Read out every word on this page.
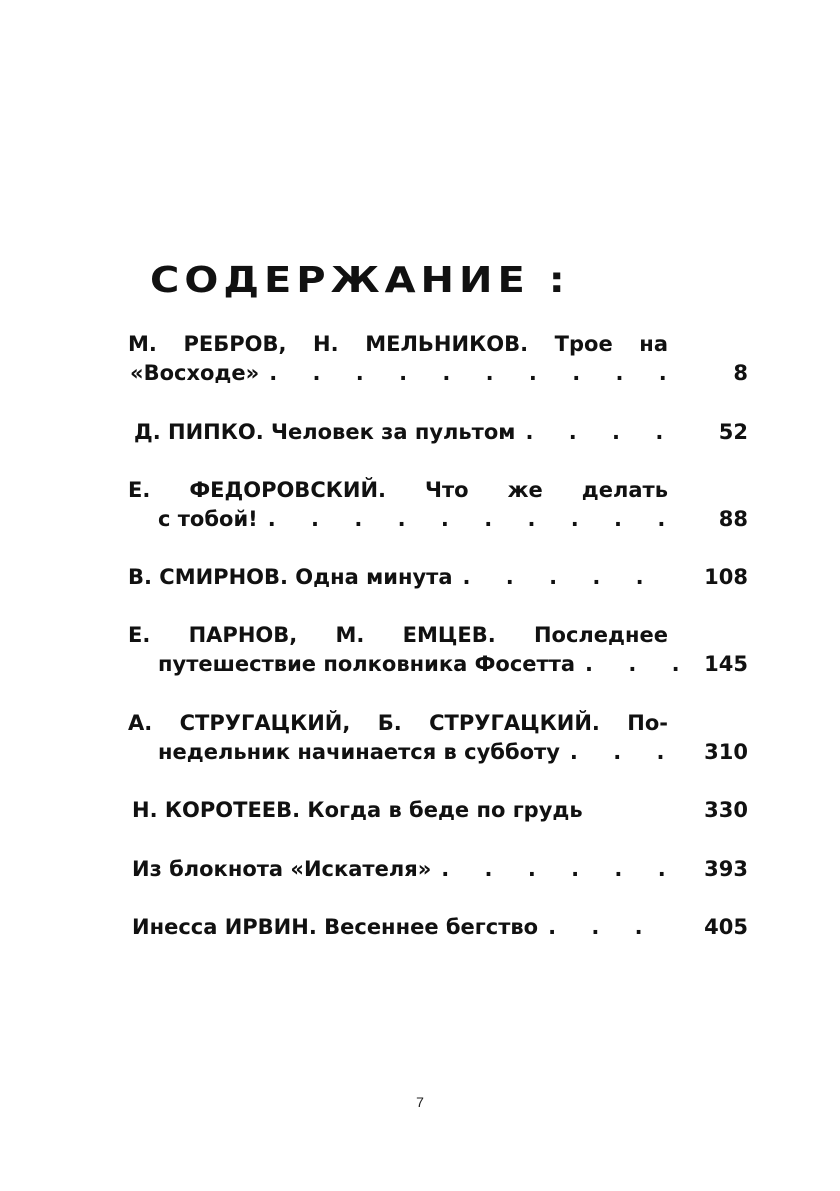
СОДЕРЖАНИЕ :
М. РЕБРОВ, Н. МЕЛЬНИКОВ. Трое на
«Восходе» . . .	8
Д. ПИПКО. Человек за пультом . . .	52
Е. ФЕДОРОВСКИЙ. Что же делать
с тобой! . . .	88
В. СМИРНОВ. Одна минута . . .	108
Е. ПАРНОВ, М. ЕМЦЕВ. Последнее
путешествие полковника Фосетта . . .	145
А. СТРУГАЦКИЙ, Б. СТРУГАЦКИЙ. По-
недельник начинается в субботу . . .	310
Н. КОРОТЕЕВ. Когда в беде по грудь	330
Из блокнота «Искателя» . . .	393
Инесса ИРВИН. Весеннее бегство . . .	405
7
